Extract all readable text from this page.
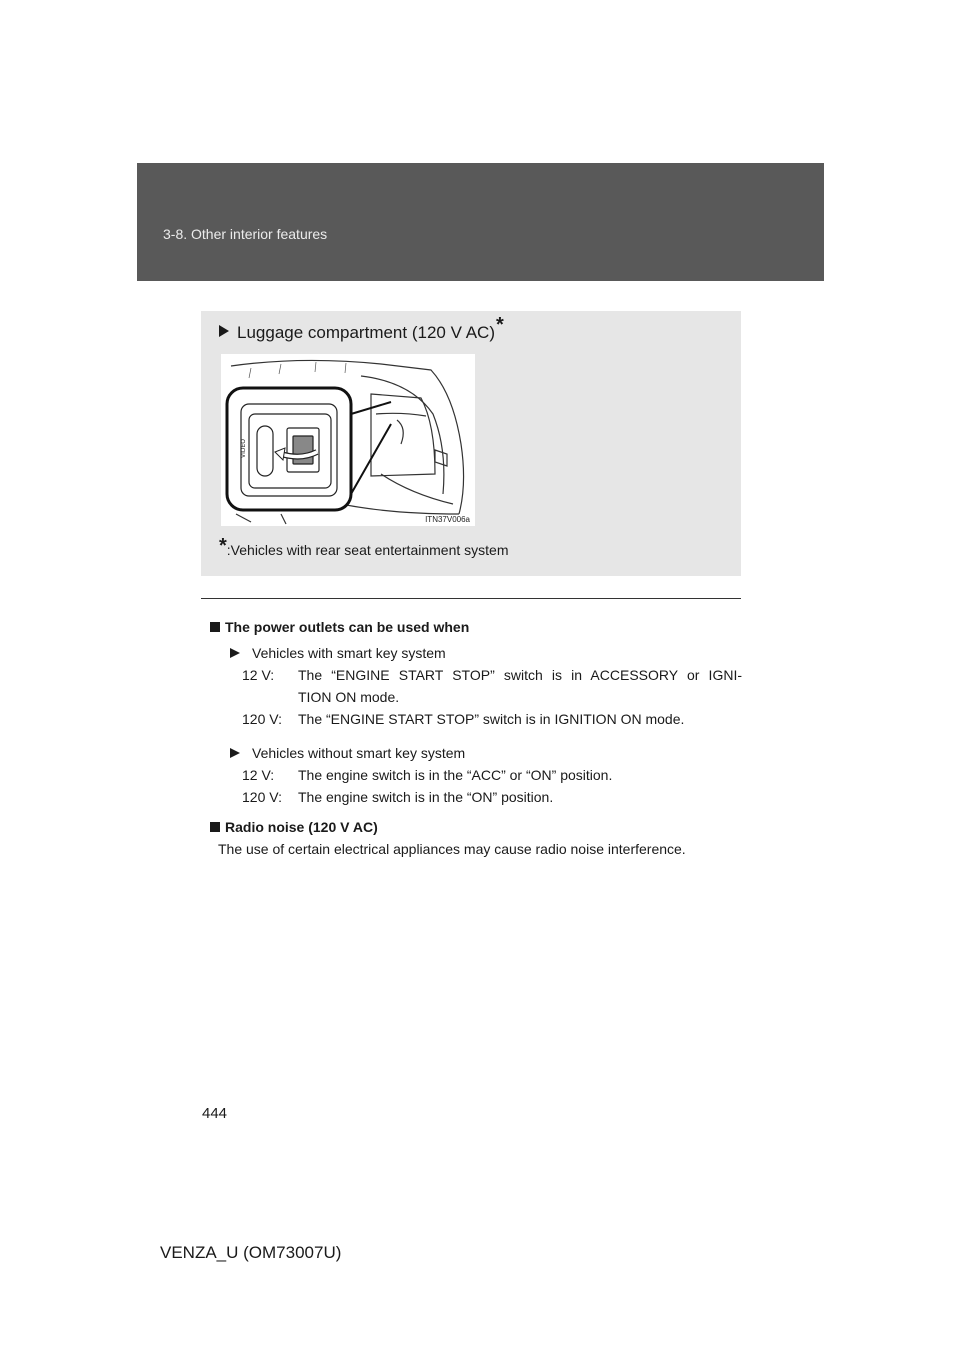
3-8. Other interior features
Luggage compartment (120 V AC)*
VIDEO
ITN37V006a
*:Vehicles with rear seat entertainment system
The power outlets can be used when
Vehicles with smart key system
12 V:	The “ENGINE START STOP” switch is in ACCESSORY or IGNI-
TION ON mode.
120 V:	The “ENGINE START STOP” switch is in IGNITION ON mode.
Vehicles without smart key system
12 V:	The engine switch is in the “ACC” or “ON” position.
120 V:	The engine switch is in the “ON” position.
Radio noise (120 V AC)
The use of certain electrical appliances may cause radio noise interference.
444
VENZA_U (OM73007U)
